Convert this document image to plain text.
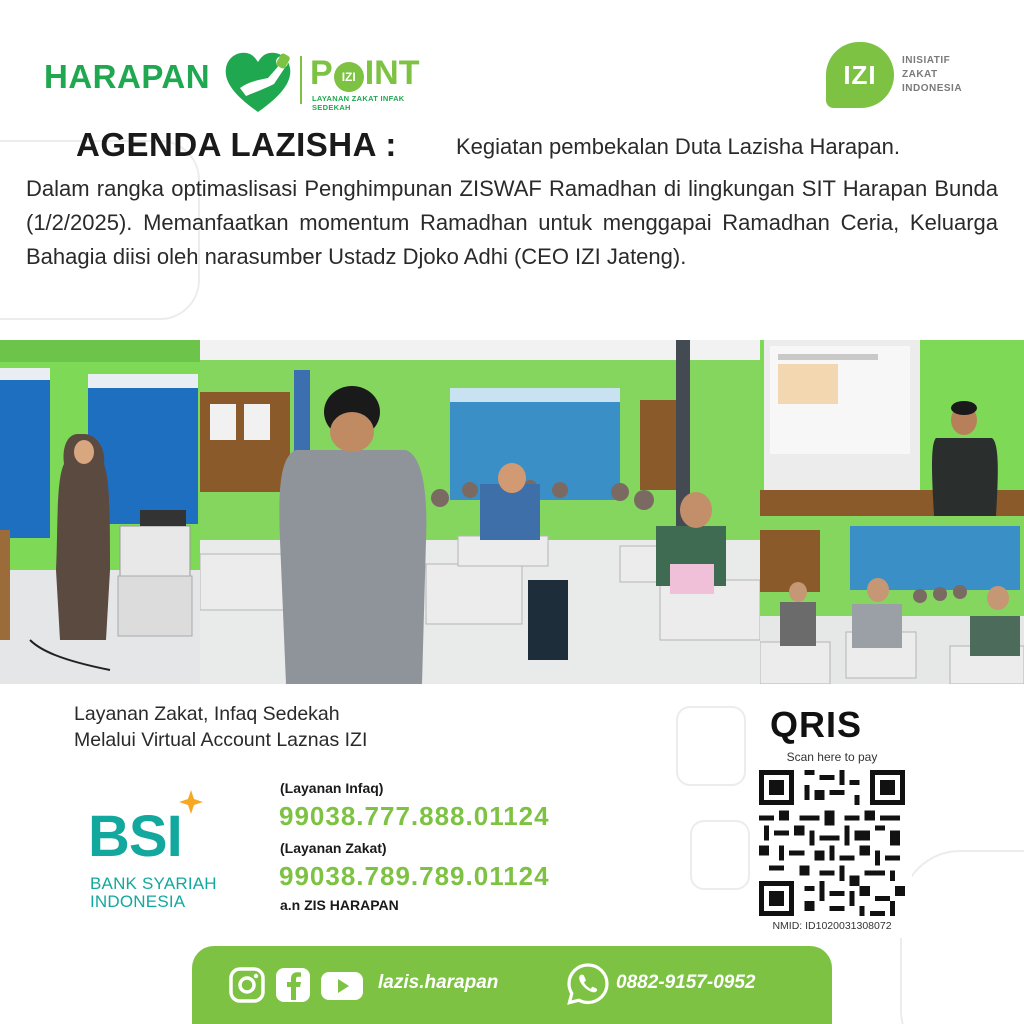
HARAPAN	P IZI INT
LAYANAN ZAKAT INFAK SEDEKAH
IZI	INISIATIF
ZAKAT
INDONESIA
AGENDA LAZISHA :	Kegiatan pembekalan Duta Lazisha Harapan.
Dalam rangka optimaslisasi Penghimpunan ZISWAF Ramadhan di lingkungan SIT Harapan Bunda (1/2/2025). Memanfaatkan momentum Ramadhan untuk menggapai Ramadhan Ceria, Keluarga Bahagia diisi oleh narasumber Ustadz Djoko Adhi (CEO IZI Jateng).
Layanan Zakat, Infaq Sedekah
Melalui Virtual Account Laznas IZI
BSI
BANK SYARIAH
INDONESIA
(Layanan Infaq)
99038.777.888.01124
(Layanan Zakat)
99038.789.789.01124
a.n ZIS HARAPAN
QRIS
Scan here to pay
NMID: ID1020031308072
lazis.harapan	0882-9157-0952
